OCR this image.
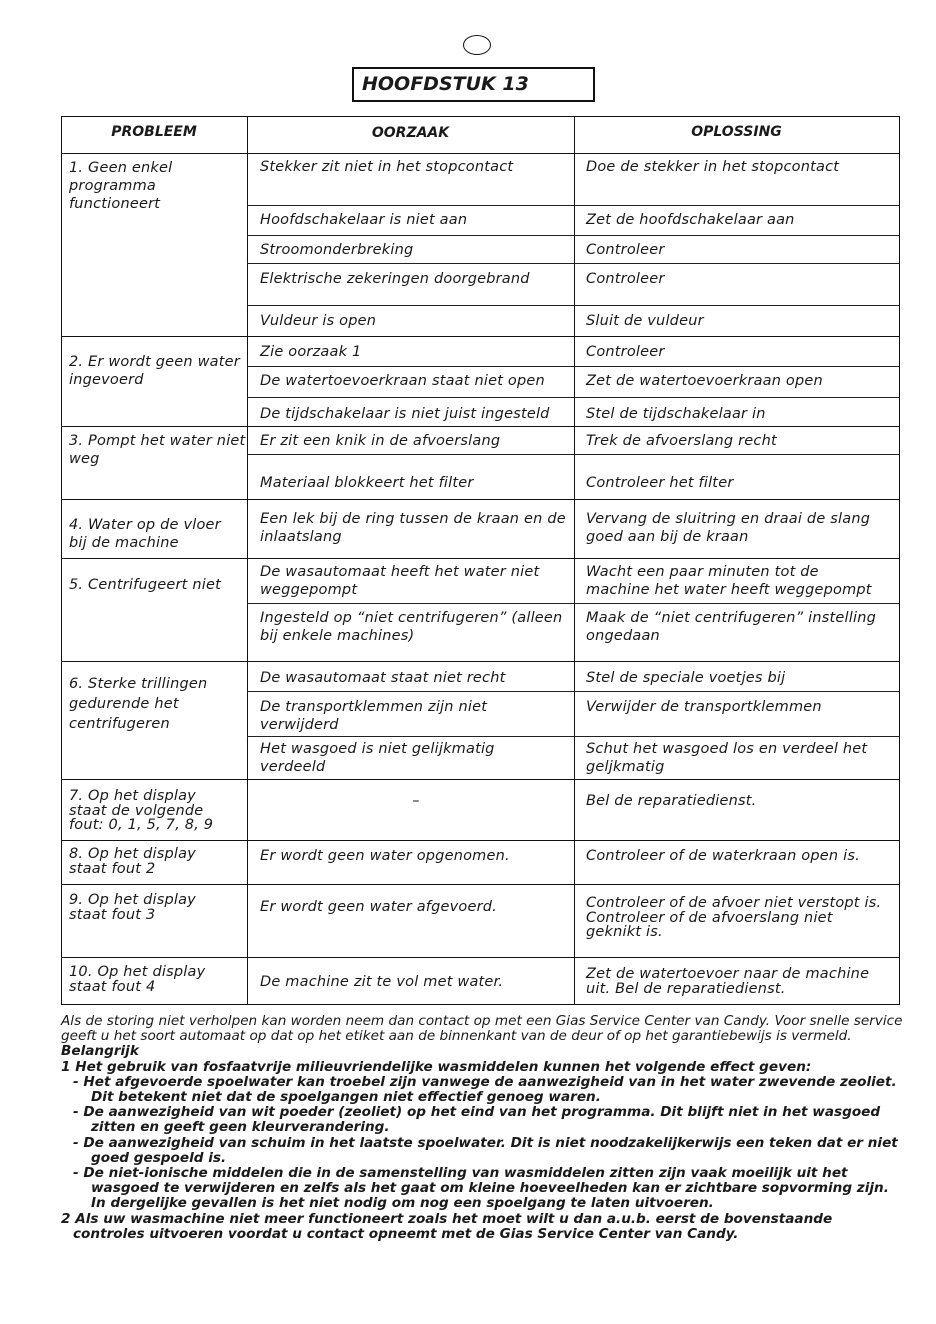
HOOFDSTUK 13
PROBLEEM	OORZAAK	OPLOSSING
1. Geen enkel
programma
functioneert
2. Er wordt geen water
ingevoerd
3. Pompt het water niet
weg
4. Water op de vloer
bij de machine
5. Centrifugeert niet
6. Sterke trillingen
gedurende het
centrifugeren
7. Op het display
staat de volgende
fout: 0, 1, 5, 7, 8, 9
8. Op het display
staat fout 2
9. Op het display
staat fout 3
10. Op het display
staat fout 4
Stekker zit niet in het stopcontact
Hoofdschakelaar is niet aan
Stroomonderbreking
Elektrische zekeringen doorgebrand
Vuldeur is open
Zie oorzaak 1
De watertoevoerkraan staat niet open
De tijdschakelaar is niet juist ingesteld
Er zit een knik in de afvoerslang
Materiaal blokkeert het filter
Een lek bij de ring tussen de kraan en de
inlaatslang
De wasautomaat heeft het water niet
weggepompt
Ingesteld op “niet centrifugeren” (alleen
bij enkele machines)
De wasautomaat staat niet recht
De transportklemmen zijn niet
verwijderd
Het wasgoed is niet gelijkmatig
verdeeld
–
Er wordt geen water opgenomen.
Er wordt geen water afgevoerd.
De machine zit te vol met water.
Doe de stekker in het stopcontact
Zet de hoofdschakelaar aan
Controleer
Controleer
Sluit de vuldeur
Controleer
Zet de watertoevoerkraan open
Stel de tijdschakelaar in
Trek de afvoerslang recht
Controleer het filter
Vervang de sluitring en draai de slang
goed aan bij de kraan
Wacht een paar minuten tot de
machine het water heeft weggepompt
Maak de “niet centrifugeren” instelling
ongedaan
Stel de speciale voetjes bij
Verwijder de transportklemmen
Schut het wasgoed los en verdeel het
geljkmatig
Bel de reparatiedienst.
Controleer of de waterkraan open is.
Controleer of de afvoer niet verstopt is.
Controleer of de afvoerslang niet
geknikt is.
Zet de watertoevoer naar de machine
uit. Bel de reparatiedienst.

Als de storing niet verholpen kan worden neem dan contact op met een Gias Service Center van Candy. Voor snelle service geeft u het soort automaat op dat op het etiket aan de binnenkant van de deur of op het garantiebewijs is vermeld.

Belangrijk

1 Het gebruik van fosfaatvrije milieuvriendelijke wasmiddelen kunnen het volgende effect geven:

- Het afgevoerde spoelwater kan troebel zijn vanwege de aanwezigheid van in het water zwevende zeoliet. Dit betekent niet dat de spoelgangen niet effectief genoeg waren.

- De aanwezigheid van wit poeder (zeoliet) op het eind van het programma. Dit blijft niet in het wasgoed zitten en geeft geen kleurverandering.

- De aanwezigheid van schuim in het laatste spoelwater. Dit is niet noodzakelijkerwijs een teken dat er niet goed gespoeld is.

- De niet-ionische middelen die in de samenstelling van wasmiddelen zitten zijn vaak moeilijk uit het wasgoed te verwijderen en zelfs als het gaat om kleine hoeveelheden kan er zichtbare sopvorming zijn. In dergelijke gevallen is het niet nodig om nog een spoelgang te laten uitvoeren.

2 Als uw wasmachine niet meer functioneert zoals het moet wilt u dan a.u.b. eerst de bovenstaande controles uitvoeren voordat u contact opneemt met de Gias Service Center van Candy.
